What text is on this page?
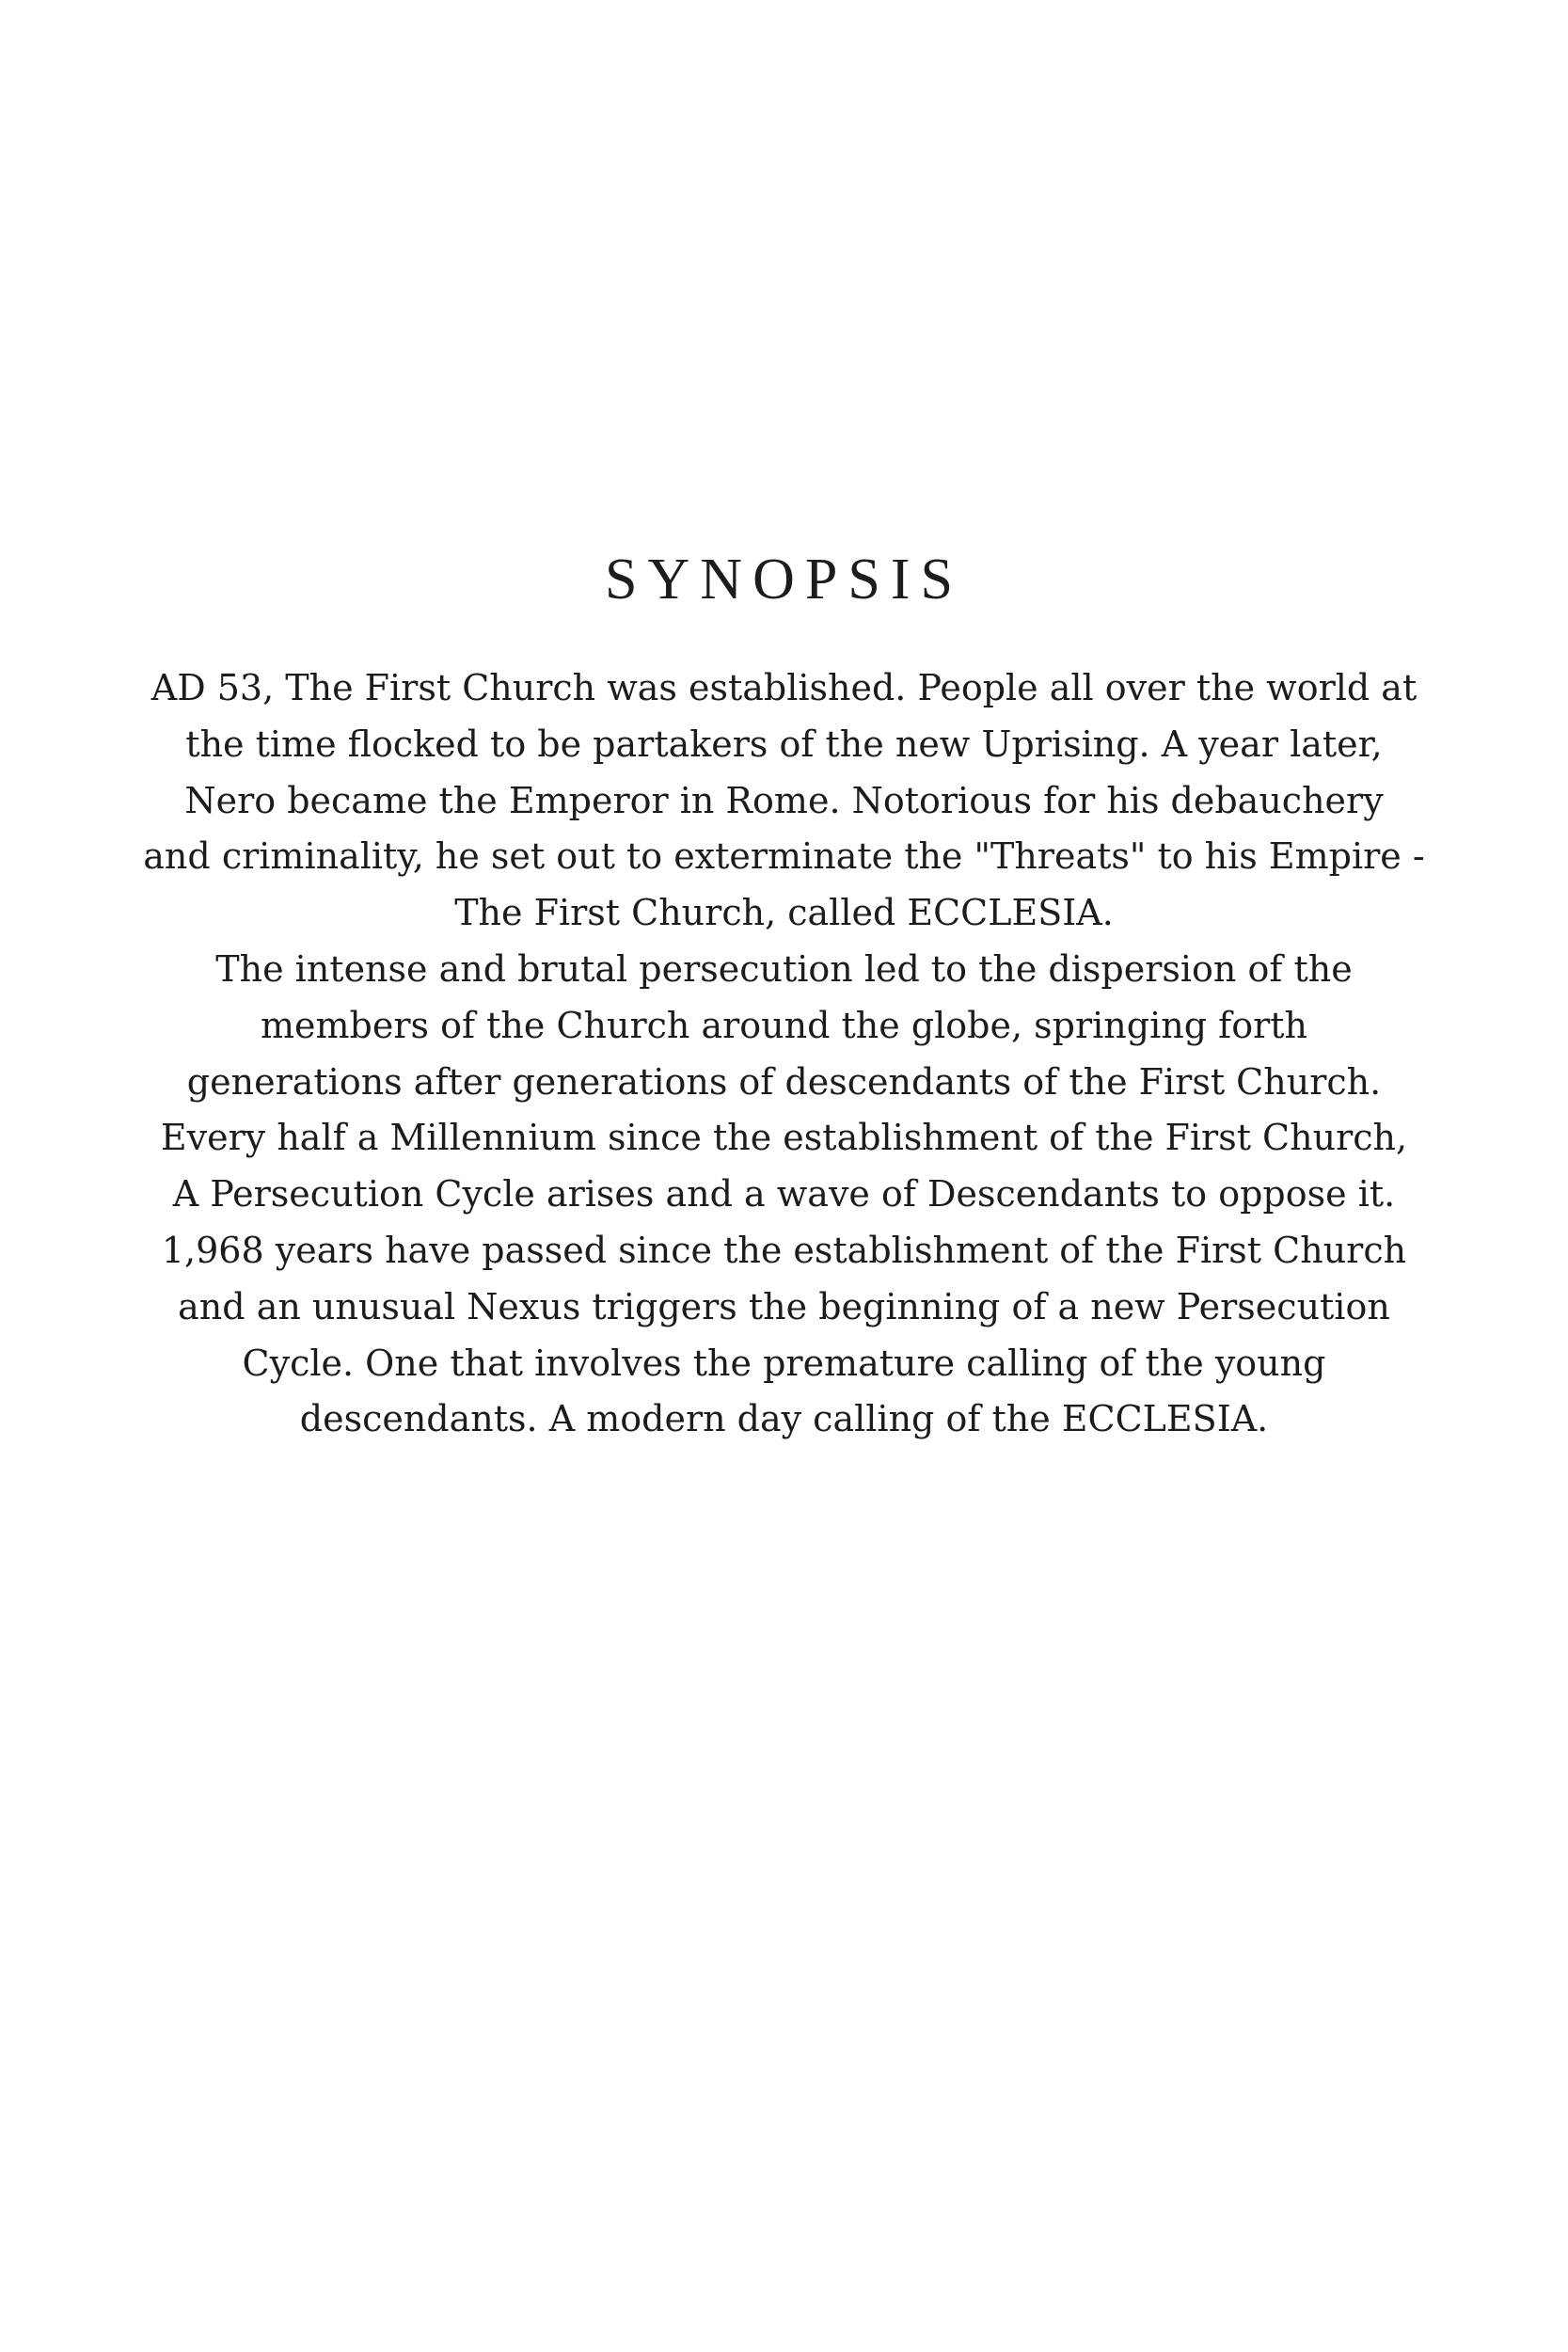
SYNOPSIS

AD 53, The First Church was established. People all over the world at
the time flocked to be partakers of the new Uprising. A year later,
Nero became the Emperor in Rome. Notorious for his debauchery
and criminality, he set out to exterminate the "Threats" to his Empire -
The First Church, called ECCLESIA.
The intense and brutal persecution led to the dispersion of the
members of the Church around the globe, springing forth
generations after generations of descendants of the First Church.
Every half a Millennium since the establishment of the First Church,
A Persecution Cycle arises and a wave of Descendants to oppose it.
1,968 years have passed since the establishment of the First Church
and an unusual Nexus triggers the beginning of a new Persecution
Cycle. One that involves the premature calling of the young
descendants. A modern day calling of the ECCLESIA.
